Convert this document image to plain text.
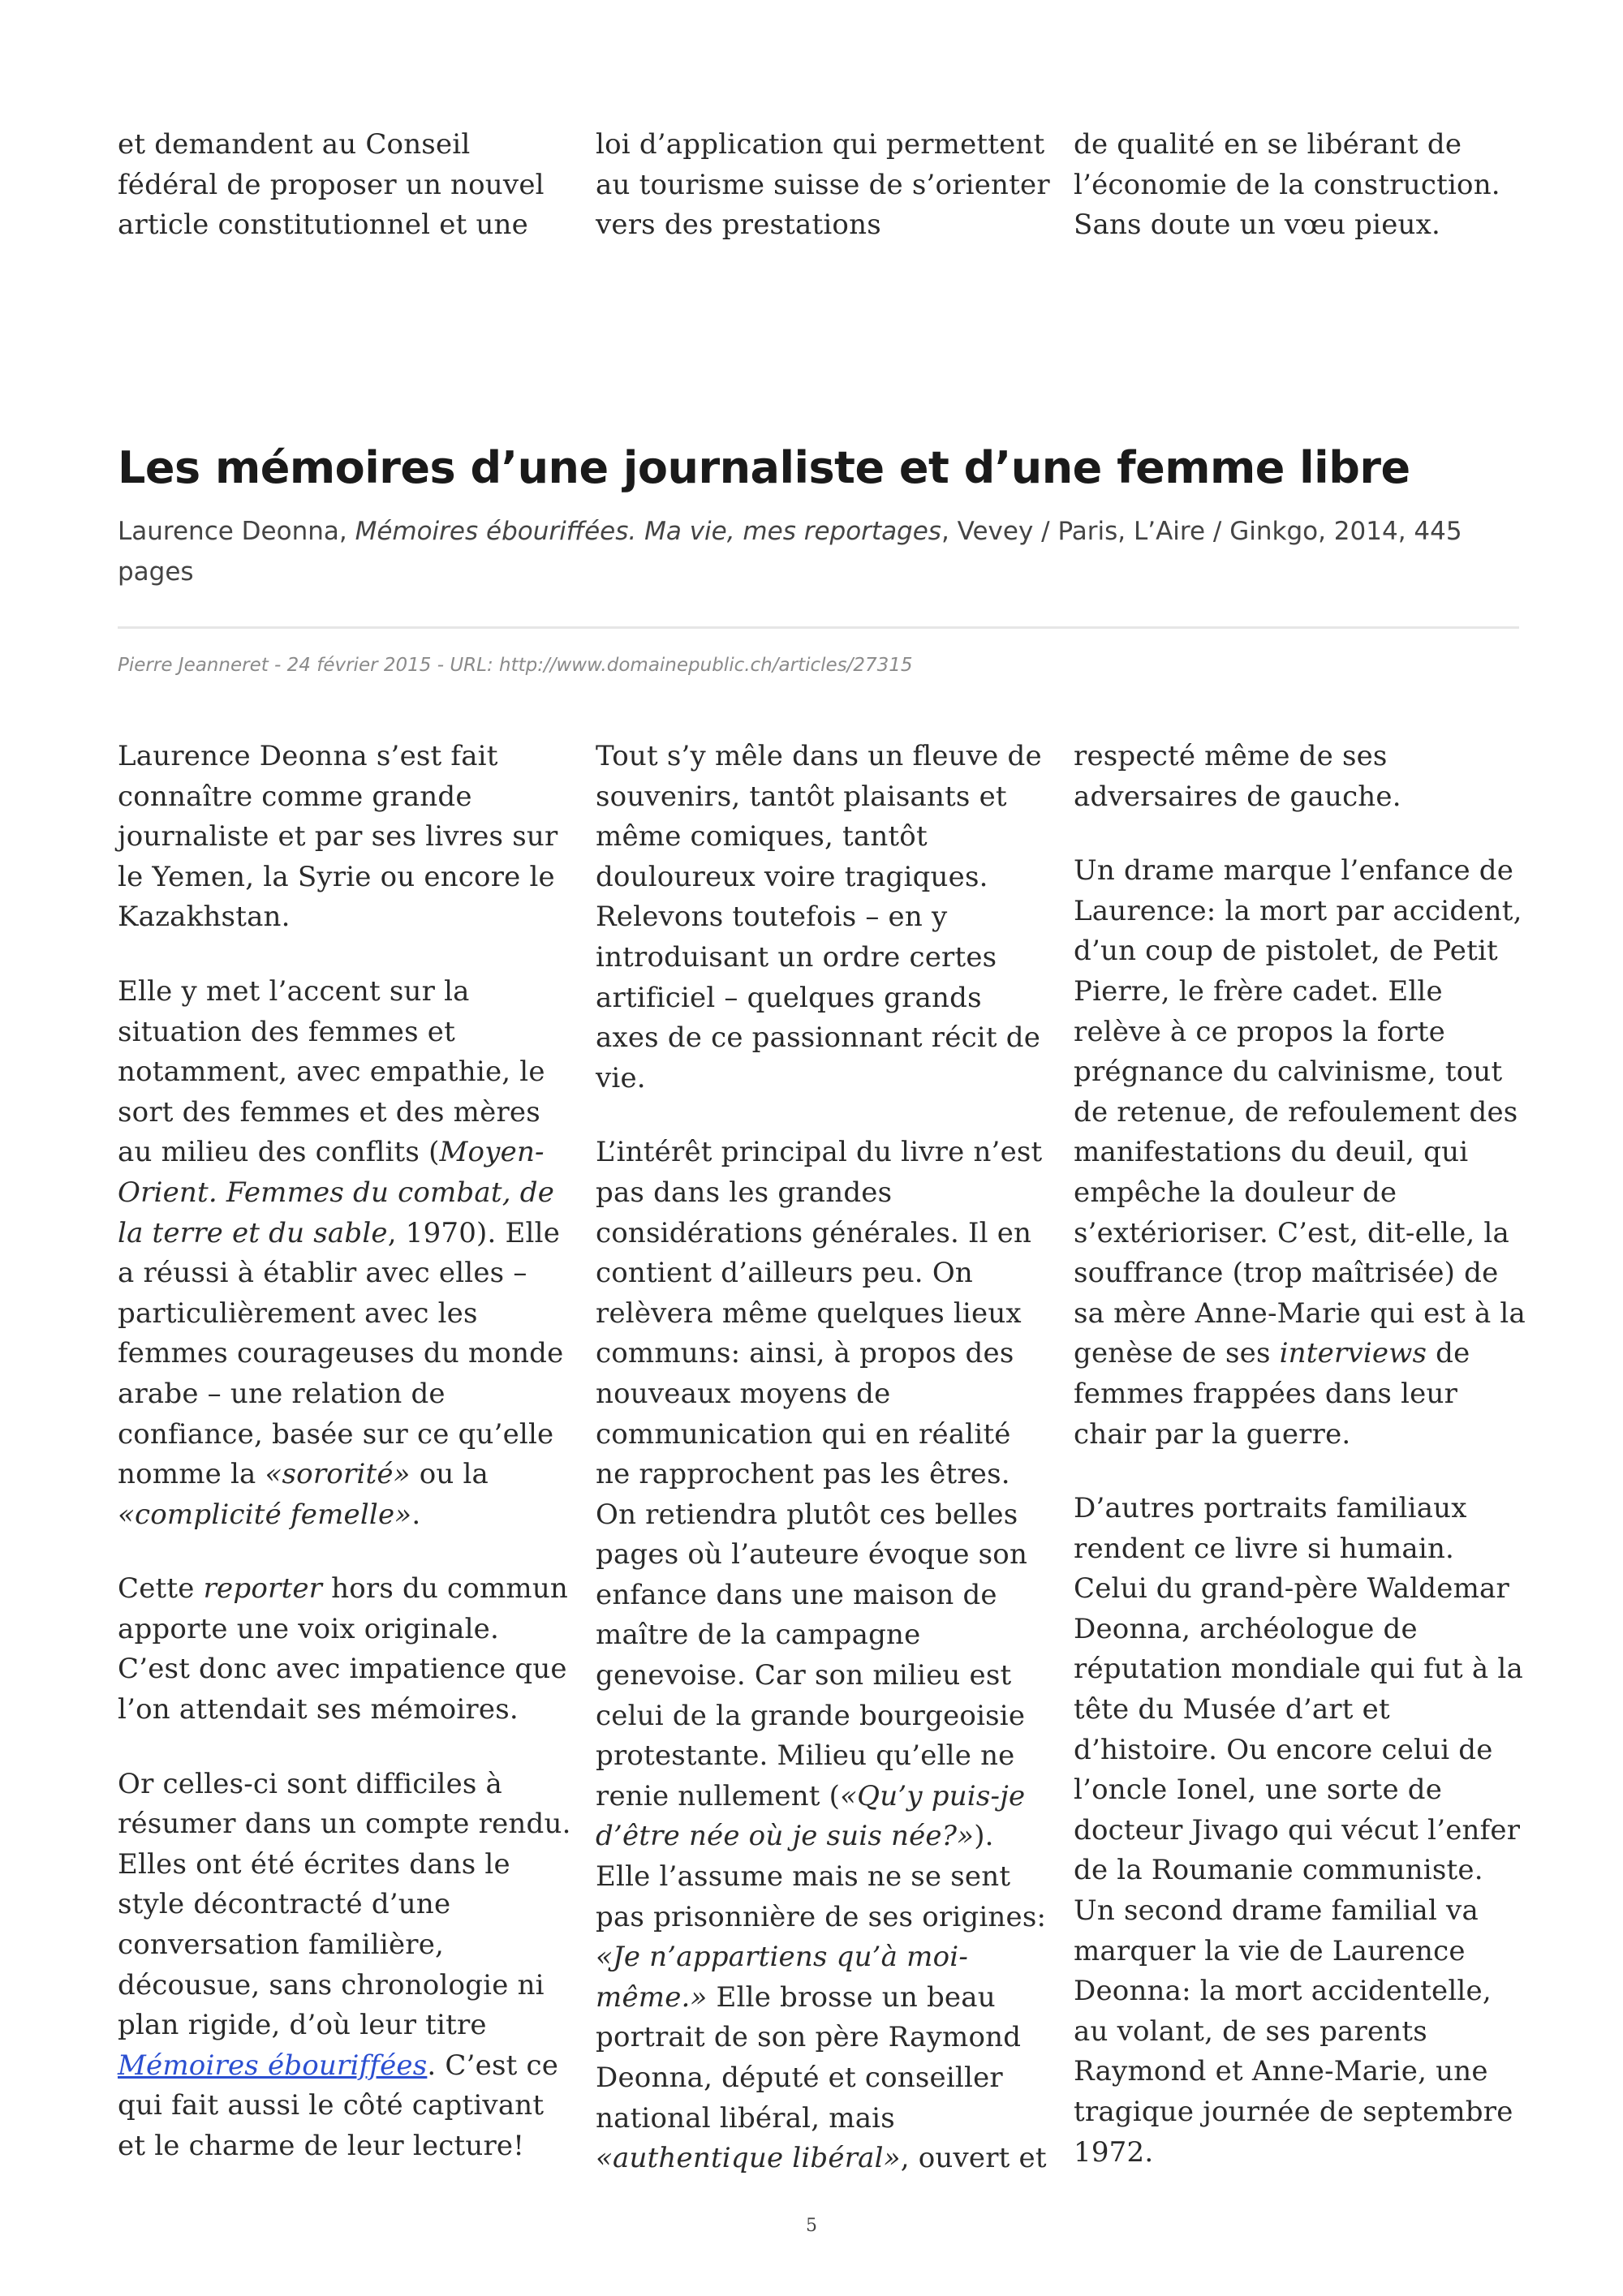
et demandent au Conseil fédéral de proposer un nouvel article constitutionnel et une

loi d’application qui permettent au tourisme suisse de s’orienter vers des prestations

de qualité en se libérant de l’économie de la construction. Sans doute un vœu pieux.

Les mémoires d’une journaliste et d’une femme libre
Laurence Deonna, Mémoires ébouriffées. Ma vie, mes reportages, Vevey / Paris, L’Aire / Ginkgo, 2014, 445 pages
Pierre Jeanneret - 24 février 2015 - URL: http://www.domainepublic.ch/articles/27315

Laurence Deonna s’est fait connaître comme grande journaliste et par ses livres sur le Yemen, la Syrie ou encore le Kazakhstan.

Elle y met l’accent sur la situation des femmes et notamment, avec empathie, le sort des femmes et des mères au milieu des conflits (Moyen-Orient. Femmes du combat, de la terre et du sable, 1970). Elle a réussi à établir avec elles – particulièrement avec les femmes courageuses du monde arabe – une relation de confiance, basée sur ce qu’elle nomme la «sororité» ou la «complicité femelle».

Cette reporter hors du commun apporte une voix originale. C’est donc avec impatience que l’on attendait ses mémoires.

Or celles-ci sont difficiles à résumer dans un compte rendu. Elles ont été écrites dans le style décontracté d’une conversation familière, décousue, sans chronologie ni plan rigide, d’où leur titre Mémoires ébouriffées. C’est ce qui fait aussi le côté captivant et le charme de leur lecture!

Tout s’y mêle dans un fleuve de souvenirs, tantôt plaisants et même comiques, tantôt douloureux voire tragiques. Relevons toutefois – en y introduisant un ordre certes artificiel – quelques grands axes de ce passionnant récit de vie.

L’intérêt principal du livre n’est pas dans les grandes considérations générales. Il en contient d’ailleurs peu. On relèvera même quelques lieux communs: ainsi, à propos des nouveaux moyens de communication qui en réalité ne rapprochent pas les êtres. On retiendra plutôt ces belles pages où l’auteure évoque son enfance dans une maison de maître de la campagne genevoise. Car son milieu est celui de la grande bourgeoisie protestante. Milieu qu’elle ne renie nullement («Qu’y puis-je d’être née où je suis née?»). Elle l’assume mais ne se sent pas prisonnière de ses origines: «Je n’appartiens qu’à moi-même.» Elle brosse un beau portrait de son père Raymond Deonna, député et conseiller national libéral, mais «authentique libéral», ouvert et

respecté même de ses adversaires de gauche.

Un drame marque l’enfance de Laurence: la mort par accident, d’un coup de pistolet, de Petit Pierre, le frère cadet. Elle relève à ce propos la forte prégnance du calvinisme, tout de retenue, de refoulement des manifestations du deuil, qui empêche la douleur de s’extérioriser. C’est, dit-elle, la souffrance (trop maîtrisée) de sa mère Anne-Marie qui est à la genèse de ses interviews de femmes frappées dans leur chair par la guerre.

D’autres portraits familiaux rendent ce livre si humain. Celui du grand-père Waldemar Deonna, archéologue de réputation mondiale qui fut à la tête du Musée d’art et d’histoire. Ou encore celui de l’oncle Ionel, une sorte de docteur Jivago qui vécut l’enfer de la Roumanie communiste. Un second drame familial va marquer la vie de Laurence Deonna: la mort accidentelle, au volant, de ses parents Raymond et Anne-Marie, une tragique journée de septembre 1972.

5
